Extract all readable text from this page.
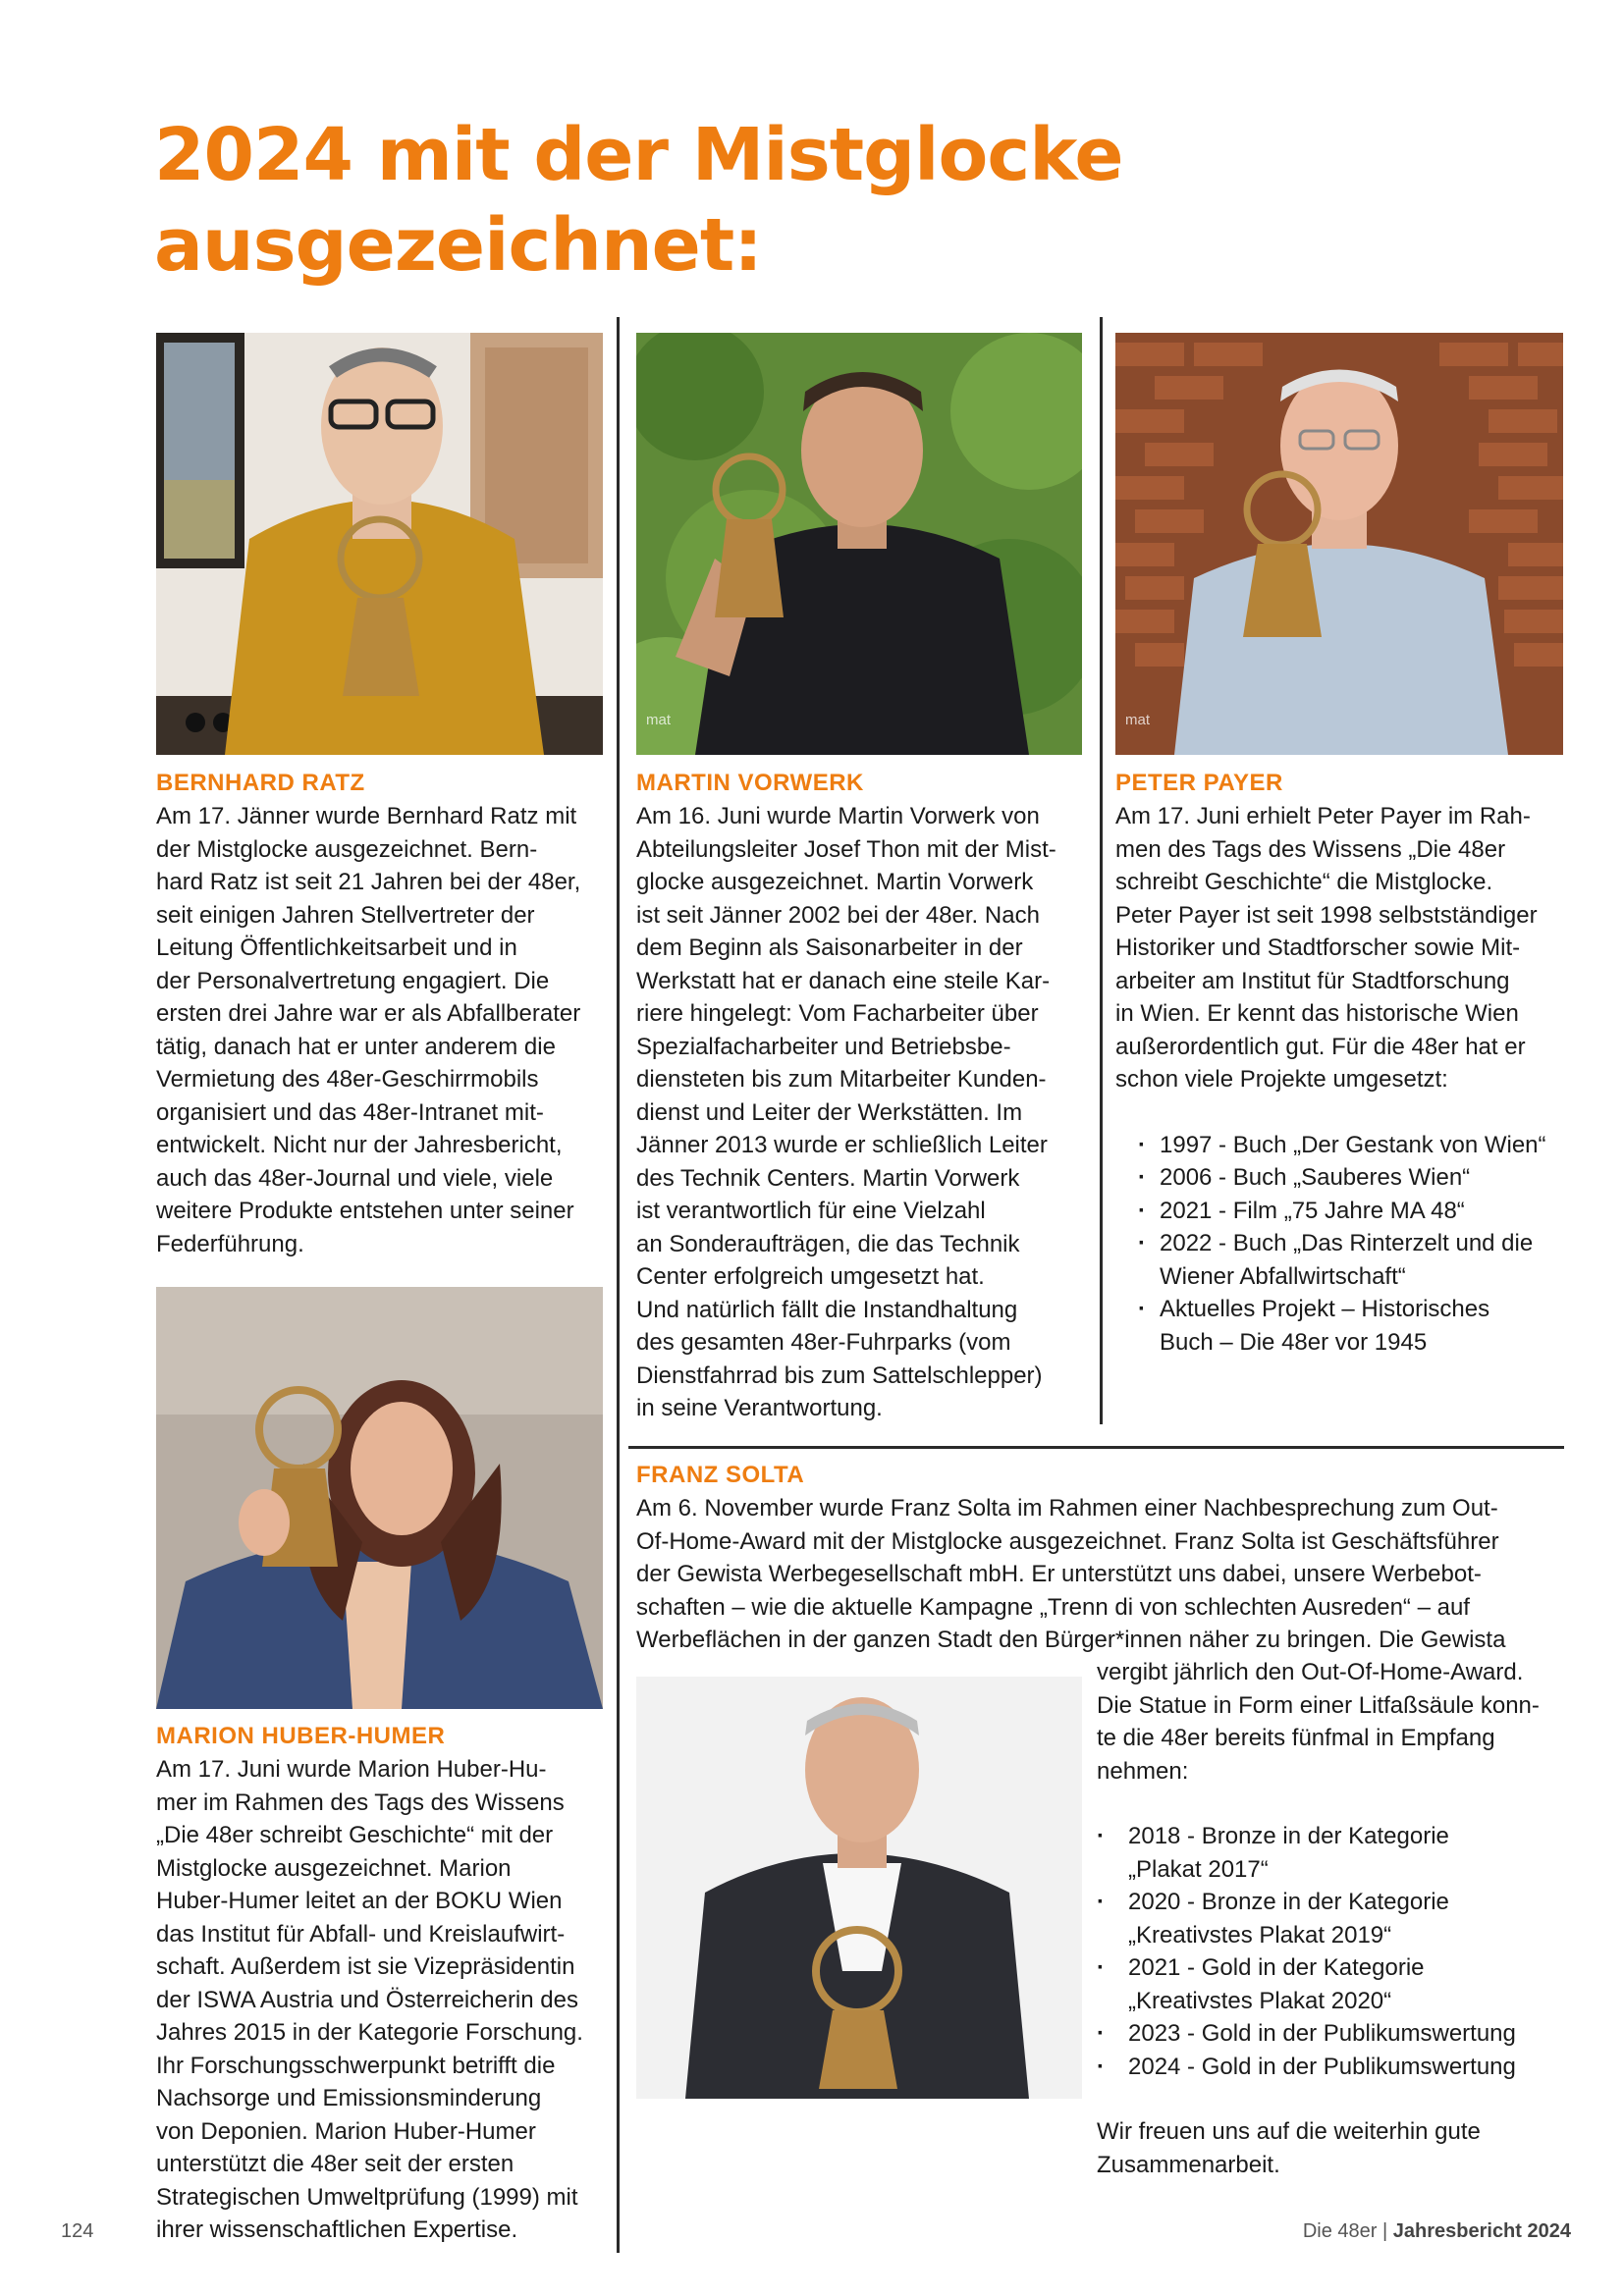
2024 mit der Mistglocke
ausgezeichnet:
mat	mat

BERNHARD RATZ

Am 17. Jänner wurde Bernhard Ratz mit
der Mistglocke ausgezeichnet. Bern-
hard Ratz ist seit 21 Jahren bei der 48er,
seit einigen Jahren Stellvertreter der
Leitung Öffentlichkeitsarbeit und in
der Personalvertretung engagiert. Die
ersten drei Jahre war er als Abfallberater
tätig, danach hat er unter anderem die
Vermietung des 48er-Geschirrmobils
organisiert und das 48er-Intranet mit-
entwickelt. Nicht nur der Jahresbericht,
auch das 48er-Journal und viele, viele
weitere Produkte entstehen unter seiner
Federführung.

MARTIN VORWERK

Am 16. Juni wurde Martin Vorwerk von
Abteilungsleiter Josef Thon mit der Mist-
glocke ausgezeichnet. Martin Vorwerk
ist seit Jänner 2002 bei der 48er. Nach
dem Beginn als Saisonarbeiter in der
Werkstatt hat er danach eine steile Kar-
riere hingelegt: Vom Facharbeiter über
Spezialfacharbeiter und Betriebsbe-
diensteten bis zum Mitarbeiter Kunden-
dienst und Leiter der Werkstätten. Im
Jänner 2013 wurde er schließlich Leiter
des Technik Centers. Martin Vorwerk
ist verantwortlich für eine Vielzahl
an Sonderaufträgen, die das Technik
Center erfolgreich umgesetzt hat.
Und natürlich fällt die Instandhaltung
des gesamten 48er-Fuhrparks (vom
Dienstfahrrad bis zum Sattelschlepper)
in seine Verantwortung.

PETER PAYER

Am 17. Juni erhielt Peter Payer im Rah-
men des Tags des Wissens „Die 48er
schreibt Geschichte“ die Mistglocke.
Peter Payer ist seit 1998 selbstständiger
Historiker und Stadtforscher sowie Mit-
arbeiter am Institut für Stadtforschung
in Wien. Er kennt das historische Wien
außerordentlich gut. Für die 48er hat er
schon viele Projekte umgesetzt:

· 1997 - Buch „Der Gestank von Wien“
· 2006 - Buch „Sauberes Wien“
· 2021 - Film „75 Jahre MA 48“
· 2022 - Buch „Das Rinterzelt und die
Wiener Abfallwirtschaft“
· Aktuelles Projekt – Historisches
Buch – Die 48er vor 1945

MARION HUBER-HUMER

Am 17. Juni wurde Marion Huber-Hu-
mer im Rahmen des Tags des Wissens
„Die 48er schreibt Geschichte“ mit der
Mistglocke ausgezeichnet. Marion
Huber-Humer leitet an der BOKU Wien
das Institut für Abfall- und Kreislaufwirt-
schaft. Außerdem ist sie Vizepräsidentin
der ISWA Austria und Österreicherin des
Jahres 2015 in der Kategorie Forschung.
Ihr Forschungsschwerpunkt betrifft die
Nachsorge und Emissionsminderung
von Deponien. Marion Huber-Humer
unterstützt die 48er seit der ersten
Strategischen Umweltprüfung (1999) mit
ihrer wissenschaftlichen Expertise.

FRANZ SOLTA

Am 6. November wurde Franz Solta im Rahmen einer Nachbesprechung zum Out-
Of-Home-Award mit der Mistglocke ausgezeichnet. Franz Solta ist Geschäftsführer
der Gewista Werbegesellschaft mbH. Er unterstützt uns dabei, unsere Werbebot-
schaften – wie die aktuelle Kampagne „Trenn di von schlechten Ausreden“ – auf
Werbeflächen in der ganzen Stadt den Bürger*innen näher zu bringen. Die Gewista

vergibt jährlich den Out-Of-Home-Award.
Die Statue in Form einer Litfaßsäule konn-
te die 48er bereits fünfmal in Empfang
nehmen:

· 2018 - Bronze in der Kategorie
„Plakat 2017“
· 2020 - Bronze in der Kategorie
„Kreativstes Plakat 2019“
· 2021 - Gold in der Kategorie
„Kreativstes Plakat 2020“
· 2023 - Gold in der Publikumswertung
· 2024 - Gold in der Publikumswertung

Wir freuen uns auf die weiterhin gute
Zusammenarbeit.

124	Die 48er | Jahresbericht 2024
